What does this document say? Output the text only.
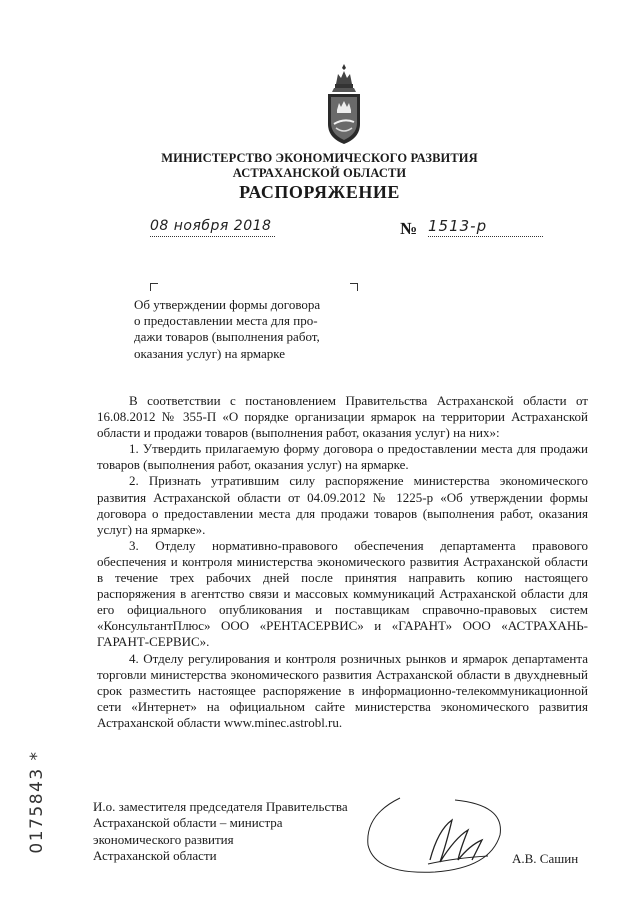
МИНИСТЕРСТВО ЭКОНОМИЧЕСКОГО РАЗВИТИЯ
АСТРАХАНСКОЙ ОБЛАСТИ
РАСПОРЯЖЕНИЕ
08 ноября 2018	№ 1513-р
Об утверждении формы договора
о предоставлении места для про-
дажи товаров (выполнения работ,
оказания услуг) на ярмарке

В соответствии с постановлением Правительства Астраханской области от 16.08.2012 № 355-П «О порядке организации ярмарок на территории Астраханской области и продажи товаров (выполнения работ, оказания услуг) на них»:

1. Утвердить прилагаемую форму договора о предоставлении места для продажи товаров (выполнения работ, оказания услуг) на ярмарке.

2. Признать утратившим силу распоряжение министерства экономического развития Астраханской области от 04.09.2012 № 1225-р «Об утверждении формы договора о предоставлении места для продажи товаров (выполнения работ, оказания услуг) на ярмарке».

3. Отделу нормативно-правового обеспечения департамента правового обеспечения и контроля министерства экономического развития Астраханской области в течение трех рабочих дней после принятия направить копию настоящего распоряжения в агентство связи и массовых коммуникаций Астраханской области для его официального опубликования и поставщикам справочно-правовых систем «КонсультантПлюс» ООО «РЕНТАСЕРВИС» и «ГАРАНТ» ООО «АСТРАХАНЬ-ГАРАНТ-СЕРВИС».

4. Отделу регулирования и контроля розничных рынков и ярмарок департамента торговли министерства экономического развития Астраханской области в двухдневный срок разместить настоящее распоряжение в информационно-телекоммуникационной сети «Интернет» на официальном сайте министерства экономического развития Астраханской области www.minec.astrobl.ru.

И.о. заместителя председателя Правительства
Астраханской области – министра
экономического развития
Астраханской области	А.В. Сашин
0175843 *
